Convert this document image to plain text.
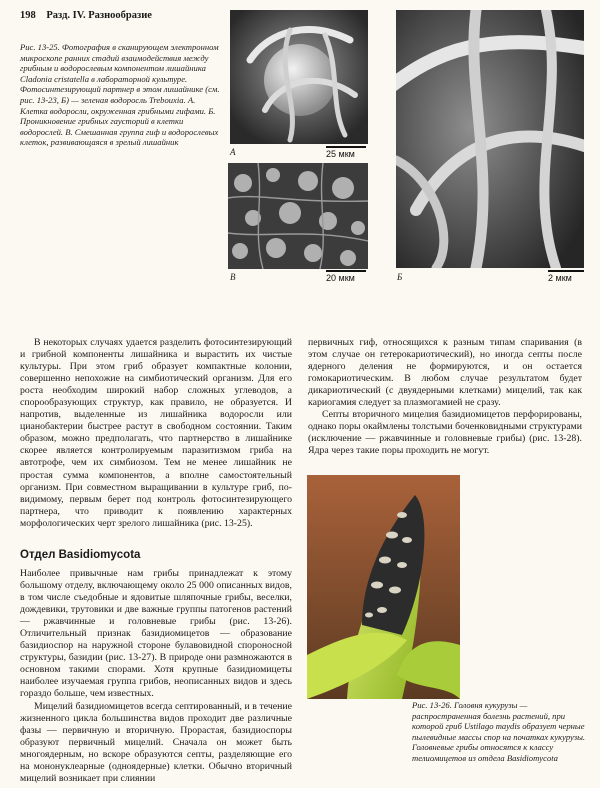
198 Разд. IV. Разнообразие
Рис. 13-25. Фотография в сканирующем электронном микроскопе ранних стадий взаимодействия между грибным и водорослевым компонентом лишайника Cladonia cristatella в лабораторной культуре. Фотосинтезирующий партнер в этом лишайнике (см. рис. 13-23, Б) — зеленая водоросль Trebouxia. А. Клетка водоросли, окруженная грибными гифами. Б. Проникновение грибных гаусторий в клетки водорослей. В. Смешанная группа гиф и водорослевых клеток, развивающаяся в зрелый лишайник
А	25 мкм
В	20 мкм	Б	2 мкм

В некоторых случаях удается разделить фотосинтезирующий и грибной компоненты лишайника и вырастить их чистые культуры. При этом гриб образует компактные колонии, совершенно непохожие на симбиотический организм. Для его роста необходим широкий набор сложных углеводов, а спорообразующих структур, как правило, не образуется. И напротив, выделенные из лишайника водоросли или цианобактерии быстрее растут в свободном состоянии. Таким образом, можно предполагать, что партнерство в лишайнике скорее является контролируемым паразитизмом гриба на автотрофе, чем их симбиозом. Тем не менее лишайник не простая сумма компонентов, а вполне самостоятельный организм. При совместном выращивании в культуре гриб, по-видимому, первым берет под контроль фотосинтезирующего партнера, что приводит к появлению характерных морфологических черт зрелого лишайника (рис. 13-25).

Отдел Basidiomycota

Наиболее привычные нам грибы принадлежат к этому большому отделу, включающему около 25 000 описанных видов, в том числе съедобные и ядовитые шляпочные грибы, веселки, дождевики, трутовики и две важные группы патогенов растений — ржавчинные и головневые грибы (рис. 13-26). Отличительный признак базидиомицетов — образование базидиоспор на наружной стороне булавовидной спороносной структуры, базидии (рис. 13-27). В природе они размножаются в основном такими спорами. Хотя крупные базидиомицеты наиболее изучаемая группа грибов, неописанных видов и здесь гораздо больше, чем известных.

Мицелий базидиомицетов всегда септированный, и в течение жизненного цикла большинства видов проходит две различные фазы — первичную и вторичную. Прорастая, базидиоспоры образуют первичный мицелий. Сначала он может быть многоядерным, но вскоре образуются септы, разделяющие его на мононуклеарные (одноядерные) клетки. Обычно вторичный мицелий возникает при слиянии

первичных гиф, относящихся к разным типам спаривания (в этом случае он гетерокариотический), но иногда септы после ядерного деления не формируются, и он остается гомокариотическим. В любом случае результатом будет дикариотический (с двуядерными клетками) мицелий, так как кариогамия следует за плазмогамией не сразу.

Септы вторичного мицелия базидиомицетов перфорированы, однако поры окаймлены толстыми боченковидными структурами (исключение — ржавчинные и головневые грибы) (рис. 13-28). Ядра через такие поры проходить не могут.

Рис. 13-26. Головня кукурузы — распространенная болезнь растений, при которой гриб Ustilago maydis образует черные пылевидные массы спор на початках кукурузы. Головневые грибы относятся к классу телиомицетов из отдела Basidiomycota
